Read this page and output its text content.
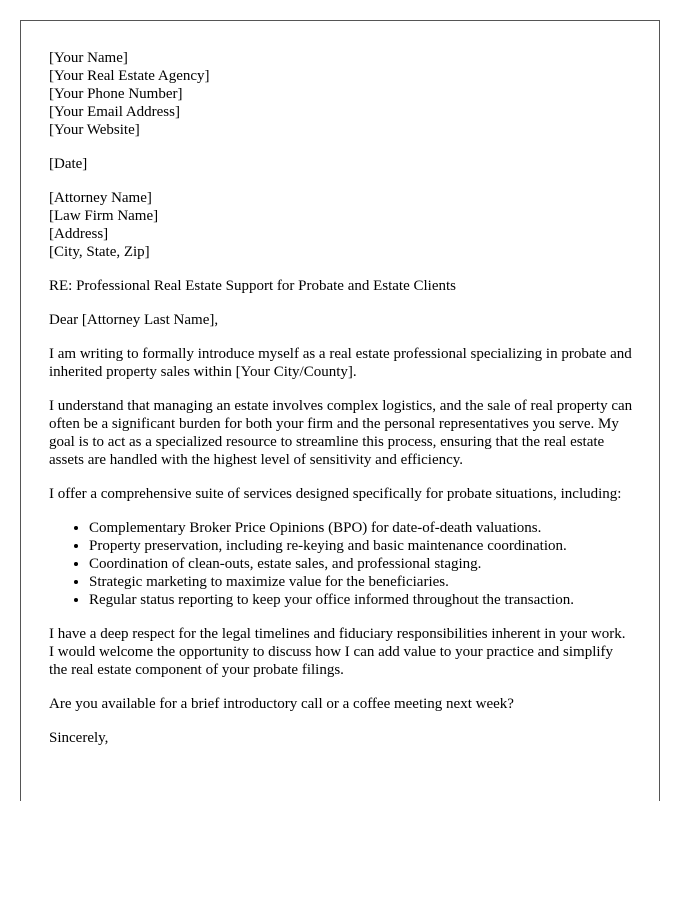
[Your Name]
[Your Real Estate Agency]
[Your Phone Number]
[Your Email Address]
[Your Website]
[Date]
[Attorney Name]
[Law Firm Name]
[Address]
[City, State, Zip]

RE: Professional Real Estate Support for Probate and Estate Clients

Dear [Attorney Last Name],

I am writing to formally introduce myself as a real estate professional specializing in probate and inherited property sales within [Your City/County].

I understand that managing an estate involves complex logistics, and the sale of real property can often be a significant burden for both your firm and the personal representatives you serve. My goal is to act as a specialized resource to streamline this process, ensuring that the real estate assets are handled with the highest level of sensitivity and efficiency.

I offer a comprehensive suite of services designed specifically for probate situations, including:

• Complementary Broker Price Opinions (BPO) for date-of-death valuations.
• Property preservation, including re-keying and basic maintenance coordination.
• Coordination of clean-outs, estate sales, and professional staging.
• Strategic marketing to maximize value for the beneficiaries.
• Regular status reporting to keep your office informed throughout the transaction.

I have a deep respect for the legal timelines and fiduciary responsibilities inherent in your work. I would welcome the opportunity to discuss how I can add value to your practice and simplify the real estate component of your probate filings.

Are you available for a brief introductory call or a coffee meeting next week?

Sincerely,
